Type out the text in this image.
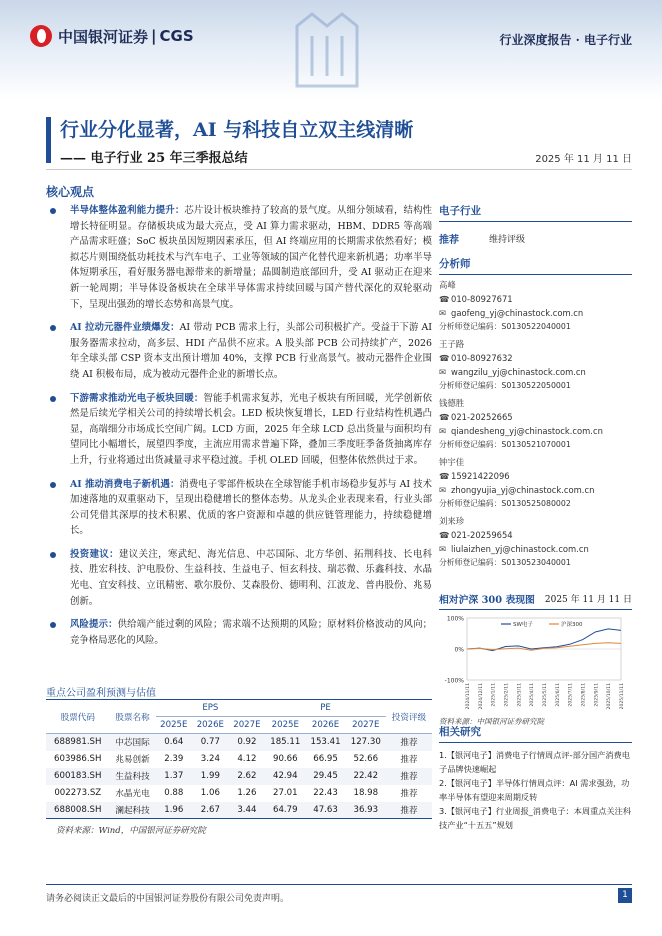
中国银河证券 | CGS	行业深度报告 · 电子行业
行业分化显著，AI 与科技自立双主线清晰
—— 电子行业 25 年三季报总结	2025 年 11 月 11 日
核心观点
半导体整体盈利能力提升：芯片设计板块维持了较高的景气度。从细分领域看，结构性增长特征明显。存储板块成为最大亮点，受 AI 算力需求驱动，HBM、DDR5 等高端产品需求旺盛；SoC 板块虽因短期因素承压，但 AI 终端应用的长期需求依然看好；模拟芯片则围绕低功耗技术与汽车电子、工业等领域的国产化替代迎来新机遇；功率半导体短期承压，看好服务器电源带来的新增量；晶圆制造底部回升，受 AI 驱动正在迎来新一轮周期；半导体设备板块在全球半导体需求持续回暖与国产替代深化的双轮驱动下，呈现出强劲的增长态势和高景气度。
AI 拉动元器件业绩爆发：AI 带动 PCB 需求上行，头部公司积极扩产。受益于下游 AI 服务器需求拉动，高多层、HDI 产品供不应求。A 股头部 PCB 公司持续扩产，2026 年全球头部 CSP 资本支出预计增加 40%，支撑 PCB 行业高景气。被动元器件企业围绕 AI 积极布局，成为被动元器件企业的新增长点。
下游需求推动光电子板块回暖：智能手机需求复苏，光电子板块有所回暖，光学创新依然是后续光学相关公司的持续增长机会。LED 板块恢复增长，LED 行业结构性机遇凸显，高端细分市场成长空间广阔。LCD 方面，2025 年全球 LCD 总出货量与面积均有望同比小幅增长，展望四季度，主流应用需求普遍下降，叠加三季度旺季备货抽离库存上升，行业将通过出货减量寻求平稳过渡。手机 OLED 回暖，但整体依然供过于求。
AI 推动消费电子新机遇：消费电子零部件板块在全球智能手机市场稳步复苏与 AI 技术加速落地的双重驱动下，呈现出稳健增长的整体态势。从龙头企业表现来看，行业头部公司凭借其深厚的技术积累、优质的客户资源和卓越的供应链管理能力，持续稳健增长。
投资建议：建议关注，寒武纪、海光信息、中芯国际、北方华创、拓荆科技、长电科技、胜宏科技、沪电股份、生益科技、生益电子、恒玄科技、瑞芯微、乐鑫科技、水晶光电、宜安科技、立讯精密、歌尔股份、艾森股份、德明利、江波龙、普冉股份、兆易创新。
风险提示：供给端产能过剩的风险；需求端不达预期的风险；原材料价格波动的风向；竞争格局恶化的风险。
重点公司盈利预测与估值
股票代码	股票名称	EPS			PE			投资评级
		2025E	2026E	2027E	2025E	2026E	2027E	
688981.SH	中芯国际	0.64	0.77	0.92	185.11	153.41	127.30	推荐
603986.SH	兆易创新	2.39	3.24	4.12	90.66	66.95	52.66	推荐
600183.SH	生益科技	1.37	1.99	2.62	42.94	29.45	22.42	推荐
002273.SZ	水晶光电	0.88	1.06	1.26	27.01	22.43	18.98	推荐
688008.SH	澜起科技	1.96	2.67	3.44	64.79	47.63	36.93	推荐
资料来源：Wind，中国银河证券研究院
电子行业
推荐	维持评级
分析师
高峰
☎ 010-80927671
✉ gaofeng_yj@chinastock.com.cn
分析师登记编码：S0130522040001
王子路
☎ 010-80927632
✉ wangzilu_yj@chinastock.com.cn
分析师登记编码：S0130522050001
钱德胜
☎ 021-20252665
✉ qiandesheng_yj@chinastock.com.cn
分析师登记编码：S0130521070001
钟宇佳
☎ 15921422096
✉ zhongyujia_yj@chinastock.com.cn
分析师登记编码：S0130525080002
刘来珍
☎ 021-20259654
✉ liulaizhen_yj@chinastock.com.cn
分析师登记编码：S0130523040001
相对沪深 300 表现图 2025 年 11 月 11 日
100%
0%
-100%
2024/11/11 2024/12/11 2025/1/11 2025/2/11 2025/3/11 2025/4/11 2025/5/11 2025/6/11 2025/7/11 2025/8/11 2025/9/11 2025/10/11 2025/11/11
SW电子	沪深300
资料来源：中国银河证券研究院
相关研究
1.【银河电子】消费电子行情周点评-部分国产消费电子品牌快速崛起
2.【银河电子】半导体行情周点评：AI 需求强劲，功率半导体有望迎来周期反转
3.【银河电子】行业周报_消费电子：本周重点关注科技产业“十五五”规划
请务必阅读正文最后的中国银河证券股份有限公司免责声明。	1
